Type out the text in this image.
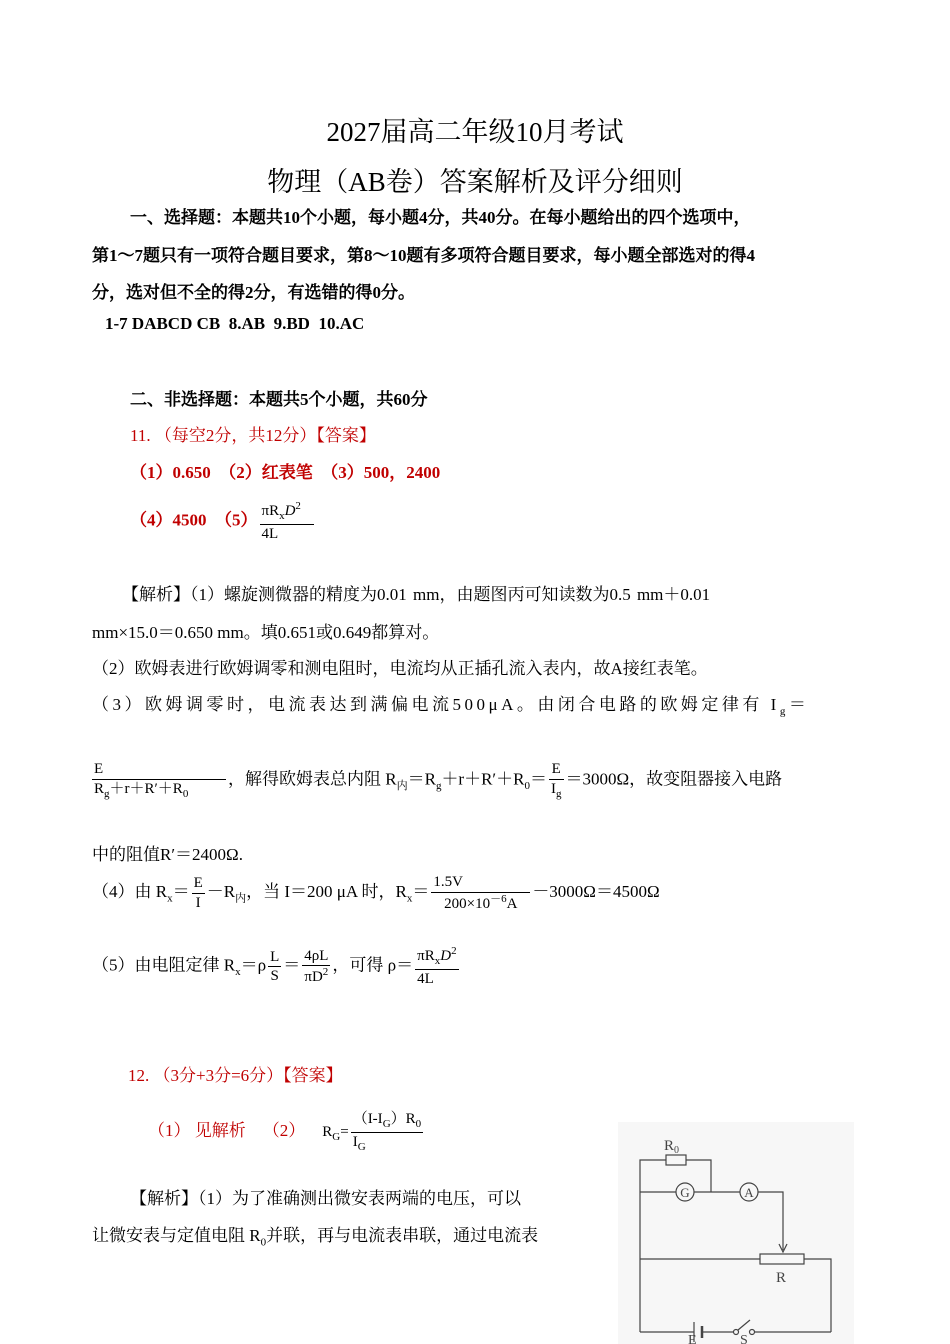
2027届高二年级10月考试
物理（AB卷）答案解析及评分细则
一、选择题：本题共10个小题，每小题4分，共40分。在每小题给出的四个选项中，
第1～7题只有一项符合题目要求，第8～10题有多项符合题目要求，每小题全部选对的得4
分，选对但不全的得2分，有选错的得0分。
1-7 DABCD CB  8.AB  9.BD  10.AC
二、非选择题：本题共5个小题，共60分
11. （每空2分，共12分）【答案】
（1）0.650  （2）红表笔  （3）500，2400
（4）4500  $(5) \frac{\pi R_xD^2}{4L}$
【解析】（1）螺旋测微器的精度为0.01 mm，由题图丙可知读数为0.5 mm＋0.01
mm×15.0＝0.650 mm。填0.651或0.649都算对。
（2）欧姆表进行欧姆调零和测电阻时，电流均从正插孔流入表内，故A接红表笔。
（3）欧姆调零时，电流表达到满偏电流500μA。由闭合电路的欧姆定律有 $I_g=$
$\frac{E}{R_g+r+R'+R_0}$ ，解得欧姆表总内阻 $R_内=R_g+r+R'+R_0= \frac{E}{I_g} =3000\Omega$，故变阻器接入电路
中的阻值R′＝2400Ω.
（4）由 $R_x= \frac{E}{I} -R_内$，当 I＝200 μA 时，$R_x= \frac{1.5V}{200\times 10^{-6}A} -3000\Omega=4500\Omega$
（5）由电阻定律 $R_x=\rho \frac{L}{S} = \frac{4\rho L}{\pi D^2}$ ，可得 $\rho= \frac{\pi R_xD^2}{4L}$
12. （3分+3分=6分）【答案】
（1） 见解析    （2） $R_G= \frac{(I-I_G)R_0}{I_G}$
【解析】（1）为了准确测出微安表两端的电压，可以
让微安表与定值电阻 $R_0$并联，再与电流表串联，通过电流表
$R_0$
G	A
R
E	S
